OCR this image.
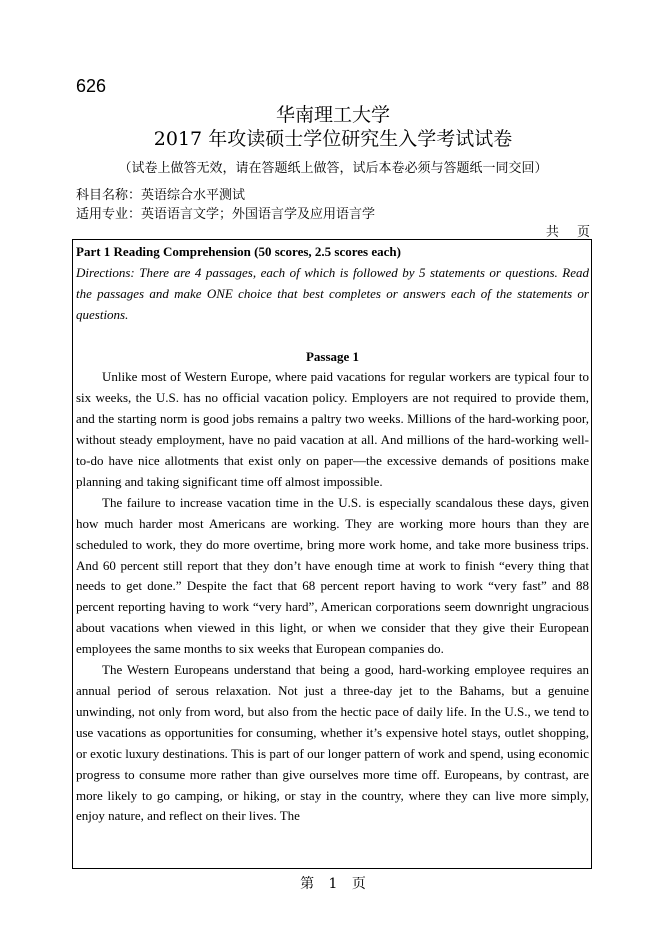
626
华南理工大学
2017 年攻读硕士学位研究生入学考试试卷
（试卷上做答无效，请在答题纸上做答，试后本卷必须与答题纸一同交回）
科目名称：英语综合水平测试
适用专业：英语语言文学；外国语言学及应用语言学
共 页

Part 1 Reading Comprehension (50 scores, 2.5 scores each)

Directions: There are 4 passages, each of which is followed by 5 statements or questions. Read the passages and make ONE choice that best completes or answers each of the statements or questions.

Passage 1

Unlike most of Western Europe, where paid vacations for regular workers are typical four to six weeks, the U.S. has no official vacation policy. Employers are not required to provide them, and the starting norm is good jobs remains a paltry two weeks. Millions of the hard-working poor, without steady employment, have no paid vacation at all. And millions of the hard-working well-to-do have nice allotments that exist only on paper—the excessive demands of positions make planning and taking significant time off almost impossible.

The failure to increase vacation time in the U.S. is especially scandalous these days, given how much harder most Americans are working. They are working more hours than they are scheduled to work, they do more overtime, bring more work home, and take more business trips. And 60 percent still report that they don’t have enough time at work to finish “every thing that needs to get done.” Despite the fact that 68 percent report having to work “very fast” and 88 percent reporting having to work “very hard”, American corporations seem downright ungracious about vacations when viewed in this light, or when we consider that they give their European employees the same months to six weeks that European companies do.

The Western Europeans understand that being a good, hard-working employee requires an annual period of serous relaxation. Not just a three-day jet to the Bahams, but a genuine unwinding, not only from word, but also from the hectic pace of daily life. In the U.S., we tend to use vacations as opportunities for consuming, whether it’s expensive hotel stays, outlet shopping, or exotic luxury destinations. This is part of our longer pattern of work and spend, using economic progress to consume more rather than give ourselves more time off. Europeans, by contrast, are more likely to go camping, or hiking, or stay in the country, where they can live more simply, enjoy nature, and reflect on their lives. The

第 1 页
